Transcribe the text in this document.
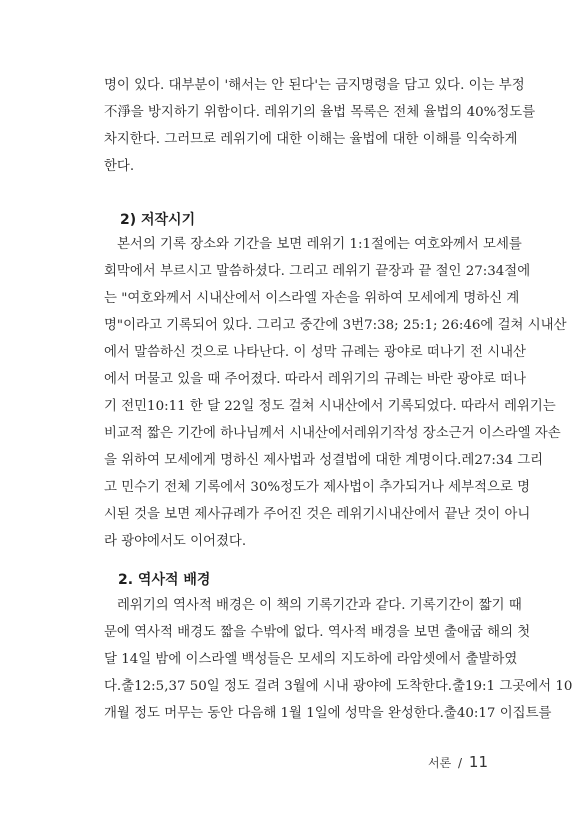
명이 있다. 대부분이 '해서는 안 된다'는 금지명령을 담고 있다. 이는 부정
不淨을 방지하기 위함이다. 레위기의 율법 목록은 전체 율법의 40%정도를
차지한다. 그러므로 레위기에 대한 이해는 율법에 대한 이해를 익숙하게
한다.
2) 저작시기
본서의 기록 장소와 기간을 보면 레위기 1:1절에는 여호와께서 모세를
회막에서 부르시고 말씀하셨다. 그리고 레위기 끝장과 끝 절인 27:34절에
는 "여호와께서 시내산에서 이스라엘 자손을 위하여 모세에게 명하신 계
명"이라고 기록되어 있다. 그리고 중간에 3번7:38; 25:1; 26:46에 걸쳐 시내산
에서 말씀하신 것으로 나타난다. 이 성막 규례는 광야로 떠나기 전 시내산
에서 머물고 있을 때 주어졌다. 따라서 레위기의 규례는 바란 광야로 떠나
기 전민10:11 한 달 22일 정도 걸쳐 시내산에서 기록되었다. 따라서 레위기는
비교적 짧은 기간에 하나님께서 시내산에서레위기작성 장소근거 이스라엘 자손
을 위하여 모세에게 명하신 제사법과 성결법에 대한 계명이다.레27:34 그리
고 민수기 전체 기록에서 30%정도가 제사법이 추가되거나 세부적으로 명
시된 것을 보면 제사규례가 주어진 것은 레위기시내산에서 끝난 것이 아니
라 광야에서도 이어졌다.
2. 역사적 배경
레위기의 역사적 배경은 이 책의 기록기간과 같다. 기록기간이 짧기 때
문에 역사적 배경도 짧을 수밖에 없다. 역사적 배경을 보면 출애굽 해의 첫
달 14일 밤에 이스라엘 백성들은 모세의 지도하에 라암셋에서 출발하였
다.출12:5,37 50일 정도 걸려 3월에 시내 광야에 도착한다.출19:1 그곳에서 10
개월 정도 머무는 동안 다음해 1월 1일에 성막을 완성한다.출40:17 이집트를
서론 / 11
